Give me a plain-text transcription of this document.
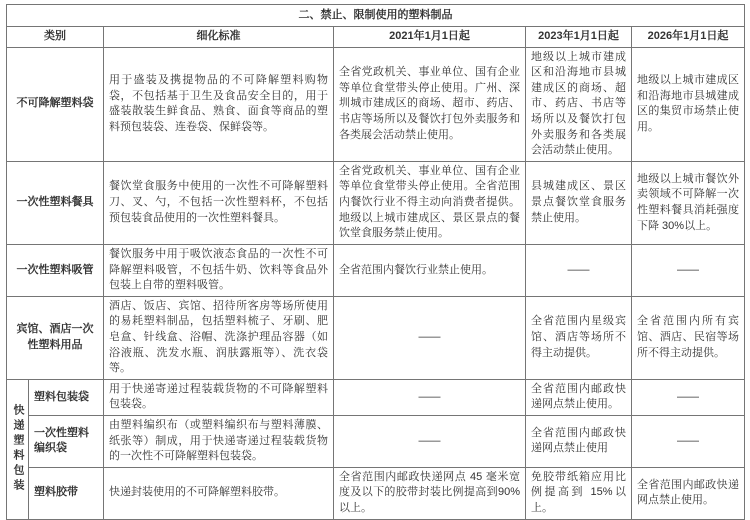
二、禁止、限制使用的塑料制品					
类别		细化标准	2021年1月1日起	2023年1月1日起	2026年1月1日起
不可降解塑料袋		用于盛装及携提物品的不可降解塑料购物袋，不包括基于卫生及食品安全目的，用于盛装散装生鲜食品、熟食、面食等商品的塑料预包装袋、连卷袋、保鲜袋等。	全省党政机关、事业单位、国有企业等单位食堂带头停止使用。广州、深圳城市建成区的商场、超市、药店、书店等场所以及餐饮打包外卖服务和各类展会活动禁止使用。	地级以上城市建成区和沿海地市县城建成区的商场、超市、药店、书店等场所以及餐饮打包外卖服务和各类展会活动禁止使用。	地级以上城市建成区和沿海地市县城建成区的集贸市场禁止使用。
一次性塑料餐具		餐饮堂食服务中使用的一次性不可降解塑料刀、叉、勺，不包括一次性塑料杯，不包括预包装食品使用的一次性塑料餐具。	全省党政机关、事业单位、国有企业等单位食堂带头停止使用。全省范围内餐饮行业不得主动向消费者提供。地级以上城市建成区、景区景点的餐饮堂食服务禁止使用。	县城建成区、景区景点餐饮堂食服务禁止使用。	地级以上城市餐饮外卖领域不可降解一次性塑料餐具消耗强度下降 30%以上。
一次性塑料吸管		餐饮服务中用于吸饮液态食品的一次性不可降解塑料吸管，不包括牛奶、饮料等食品外包装上自带的塑料吸管。	全省范围内餐饮行业禁止使用。	——	——
宾馆、酒店一次性塑料用品		酒店、饭店、宾馆、招待所客房等场所使用的易耗塑料制品，包括塑料梳子、牙刷、肥皂盒、针线盒、浴帽、洗涤护理品容器（如浴液瓶、洗发水瓶、润肤露瓶等）、洗衣袋等。	——	全省范围内星级宾馆、酒店等场所不得主动提供。	全省范围内所有宾馆、酒店、民宿等场所不得主动提供。

快递塑料包装	塑料包装袋	用于快递寄递过程装载货物的不可降解塑料包装袋。	——	全省范围内邮政快递网点禁止使用。	——
	一次性塑料编织袋	由塑料编织布（或塑料编织布与塑料薄膜、纸张等）制成，用于快递寄递过程装载货物的一次性不可降解塑料包装袋。	——	全省范围内邮政快递网点禁止使用	——
	塑料胶带	快递封装使用的不可降解塑料胶带。	全省范围内邮政快递网点 45 毫米宽度及以下的胶带封装比例提高到90%以上。	免胶带纸箱应用比例提高到 15%以上。	全省范围内邮政快递网点禁止使用。
